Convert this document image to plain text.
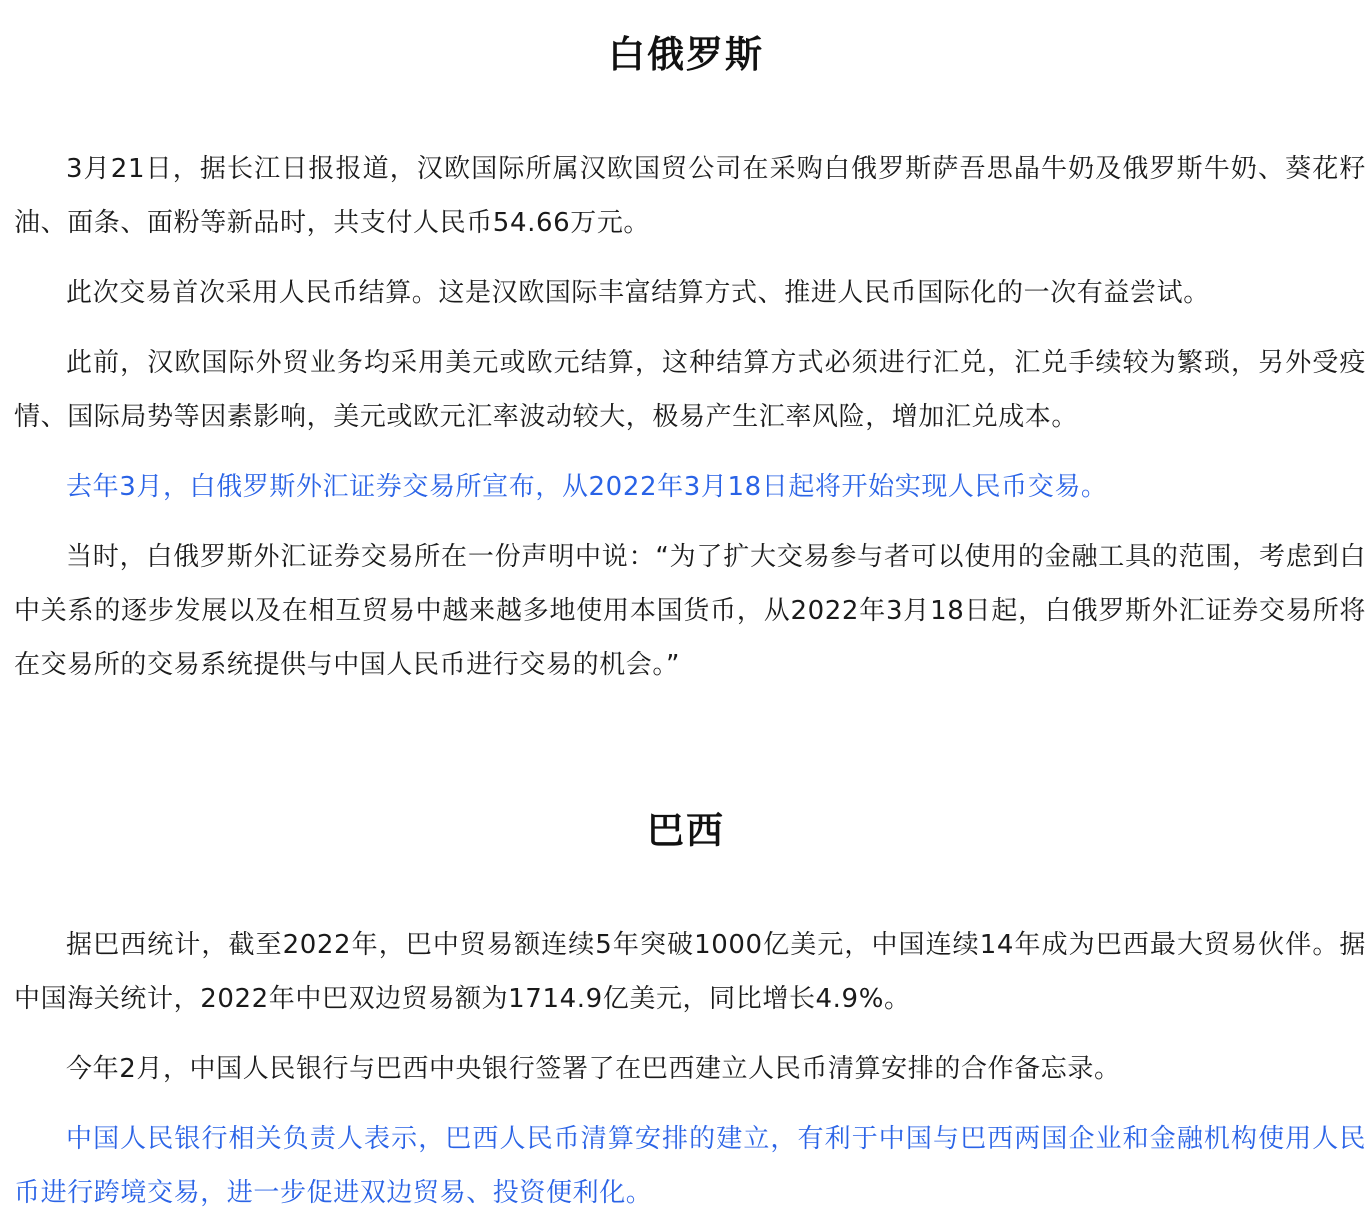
白俄罗斯

3月21日，据长江日报报道，汉欧国际所属汉欧国贸公司在采购白俄罗斯萨吾思晶牛奶及俄罗斯牛奶、葵花籽油、面条、面粉等新品时，共支付人民币54.66万元。

此次交易首次采用人民币结算。这是汉欧国际丰富结算方式、推进人民币国际化的一次有益尝试。

此前，汉欧国际外贸业务均采用美元或欧元结算，这种结算方式必须进行汇兑，汇兑手续较为繁琐，另外受疫情、国际局势等因素影响，美元或欧元汇率波动较大，极易产生汇率风险，增加汇兑成本。

去年3月，白俄罗斯外汇证券交易所宣布，从2022年3月18日起将开始实现人民币交易。

当时，白俄罗斯外汇证券交易所在一份声明中说：“为了扩大交易参与者可以使用的金融工具的范围，考虑到白中关系的逐步发展以及在相互贸易中越来越多地使用本国货币，从2022年3月18日起，白俄罗斯外汇证券交易所将在交易所的交易系统提供与中国人民币进行交易的机会。”

巴西

据巴西统计，截至2022年，巴中贸易额连续5年突破1000亿美元，中国连续14年成为巴西最大贸易伙伴。据中国海关统计，2022年中巴双边贸易额为1714.9亿美元，同比增长4.9%。

今年2月，中国人民银行与巴西中央银行签署了在巴西建立人民币清算安排的合作备忘录。

中国人民银行相关负责人表示，巴西人民币清算安排的建立，有利于中国与巴西两国企业和金融机构使用人民币进行跨境交易，进一步促进双边贸易、投资便利化。
